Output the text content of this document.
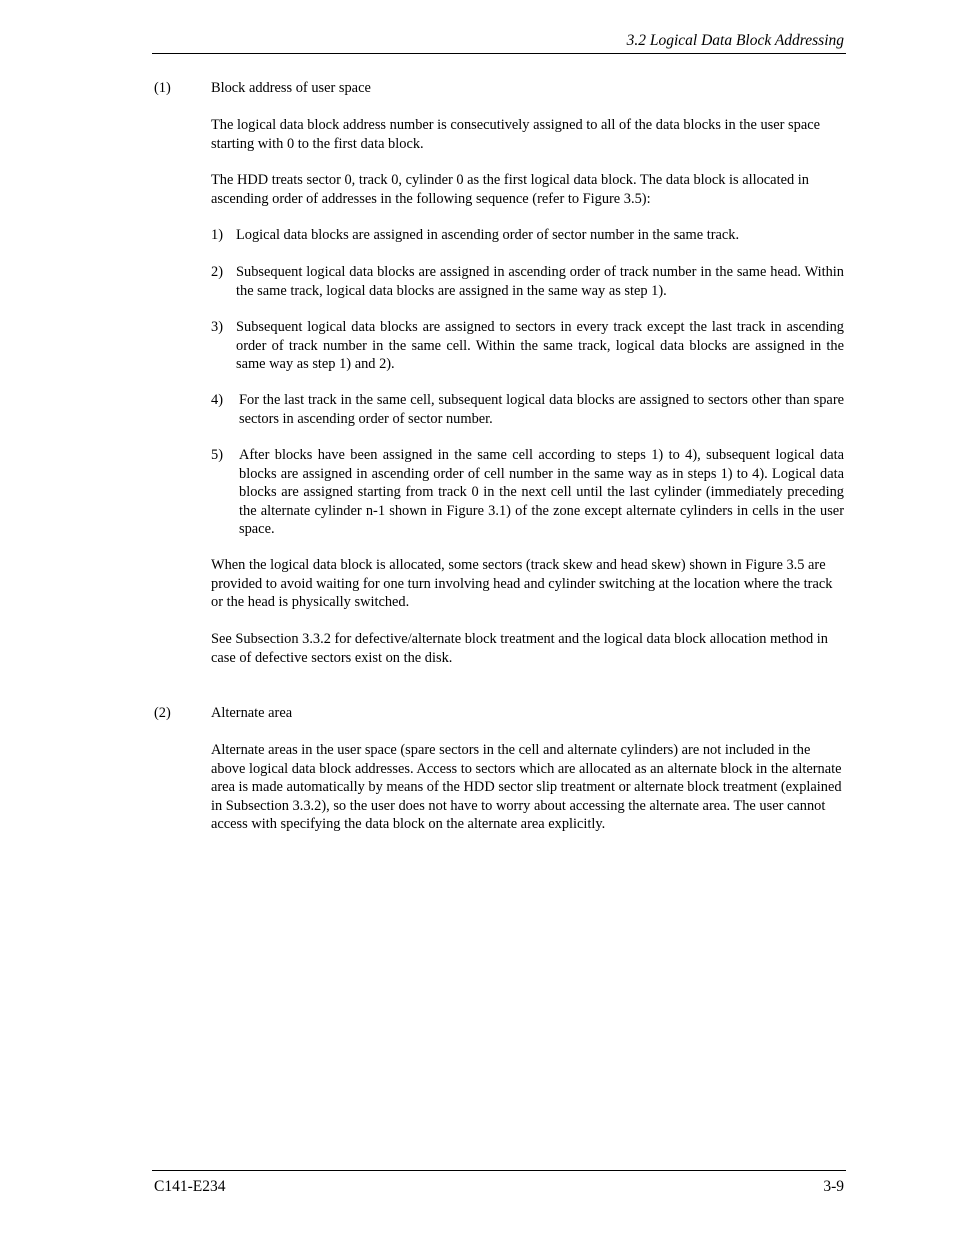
3.2 Logical Data Block Addressing
(1)	Block address of user space

The logical data block address number is consecutively assigned to all of the data blocks in the user space starting with 0 to the first data block.

The HDD treats sector 0, track 0, cylinder 0 as the first logical data block. The data block is allocated in ascending order of addresses in the following sequence (refer to Figure 3.5):

1) Logical data blocks are assigned in ascending order of sector number in the same track.
2) Subsequent logical data blocks are assigned in ascending order of track number in the same head. Within the same track, logical data blocks are assigned in the same way as step 1).
3) Subsequent logical data blocks are assigned to sectors in every track except the last track in ascending order of track number in the same cell. Within the same track, logical data blocks are assigned in the same way as step 1) and 2).
4) For the last track in the same cell, subsequent logical data blocks are assigned to sectors other than spare sectors in ascending order of sector number.
5) After blocks have been assigned in the same cell according to steps 1) to 4), subsequent logical data blocks are assigned in ascending order of cell number in the same way as in steps 1) to 4). Logical data blocks are assigned starting from track 0 in the next cell until the last cylinder (immediately preceding the alternate cylinder n-1 shown in Figure 3.1) of the zone except alternate cylinders in cells in the user space.

When the logical data block is allocated, some sectors (track skew and head skew) shown in Figure 3.5 are provided to avoid waiting for one turn involving head and cylinder switching at the location where the track or the head is physically switched.

See Subsection 3.3.2 for defective/alternate block treatment and the logical data block allocation method in case of defective sectors exist on the disk.

(2)	Alternate area

Alternate areas in the user space (spare sectors in the cell and alternate cylinders) are not included in the above logical data block addresses. Access to sectors which are allocated as an alternate block in the alternate area is made automatically by means of the HDD sector slip treatment or alternate block treatment (explained in Subsection 3.3.2), so the user does not have to worry about accessing the alternate area. The user cannot access with specifying the data block on the alternate area explicitly.

C141-E234	3-9
